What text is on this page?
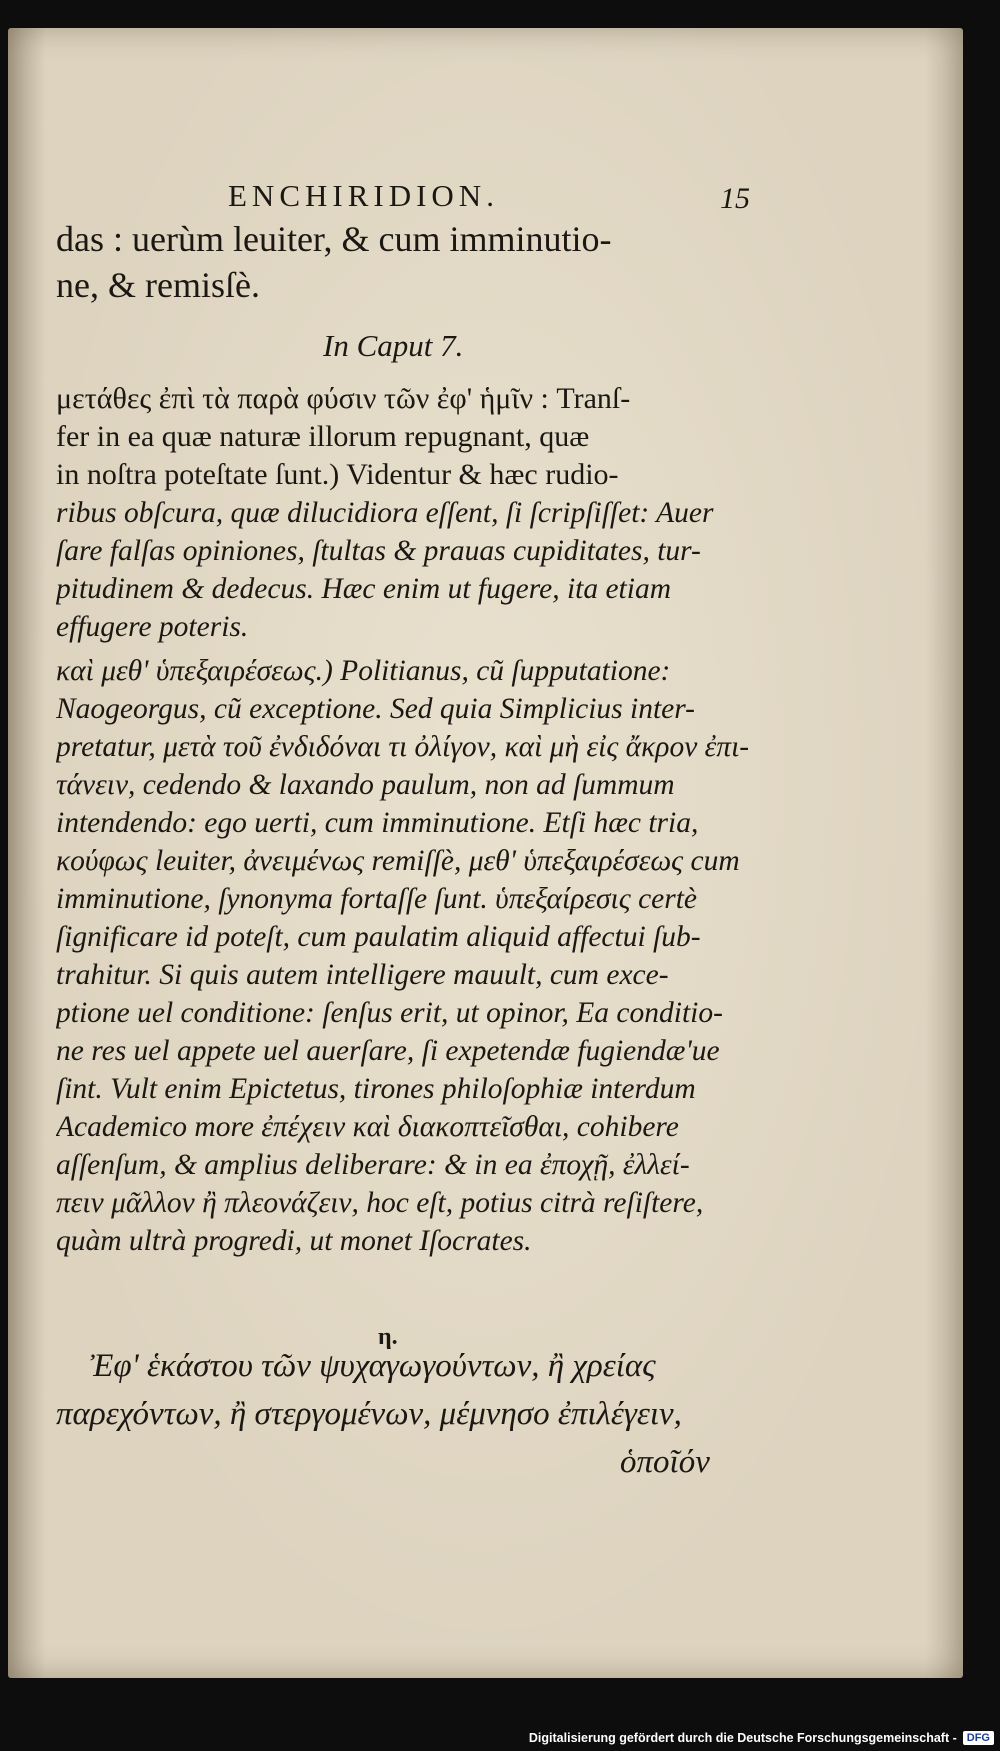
ENCHIRIDION.	15
das : uerùm leuiter, & cum imminutio-
ne, & remisſè.
In Caput 7.
μετάθες ἐπὶ τὰ παρὰ φύσιν τῶν ἐφ' ἡμῖν : Tranſ-
fer in ea quæ naturæ illorum repugnant, quæ
in noſtra poteſtate ſunt.) Videntur & hæc rudio-
ribus obſcura, quæ dilucidiora eſſent, ſi ſcripſiſſet: Auer
ſare falſas opiniones, ſtultas & prauas cupiditates, tur-
pitudinem & dedecus. Hæc enim ut fugere, ita etiam
effugere poteris.
καὶ μεθ' ὑπεξαιρέσεως.) Politianus, cũ ſupputatione:
Naogeorgus, cũ exceptione. Sed quia Simplicius inter-
pretatur, μετὰ τοῦ ἐνδιδόναι τι ὀλίγον, καὶ μὴ εἰς ἄκρον ἐπι-
τάνειν, cedendo & laxando paulum, non ad ſummum
intendendo: ego uerti, cum imminutione. Etſi hæc tria,
κούφως leuiter, ἀνειμένως remiſſè, μεθ' ὑπεξαιρέσεως cum
imminutione, ſynonyma fortaſſe ſunt. ὑπεξαίρεσις certè
ſignificare id poteſt, cum paulatim aliquid affectui ſub-
trahitur. Si quis autem intelligere mauult, cum exce-
ptione uel conditione: ſenſus erit, ut opinor, Ea conditio-
ne res uel appete uel auerſare, ſi expetendæ fugiendæ'ue
ſint. Vult enim Epictetus, tirones philoſophiæ interdum
Academico more ἐπέχειν καὶ διακοπτεῖσθαι, cohibere
aſſenſum, & amplius deliberare: & in ea ἐποχῇ, ἐλλεί-
πειν μᾶλλον ἢ πλεονάζειν, hoc eſt, potius citrà reſiſtere,
quàm ultrà progredi, ut monet Iſocrates.
η.
Ἐφ' ἑκάστου τῶν ψυχαγωγούντων, ἢ χρείας
παρεχόντων, ἢ στεργομένων, μέμνησο ἐπιλέγειν,
ὁποῖόν
Digitalisierung gefördert durch die Deutsche Forschungsgemeinschaft - DFG
